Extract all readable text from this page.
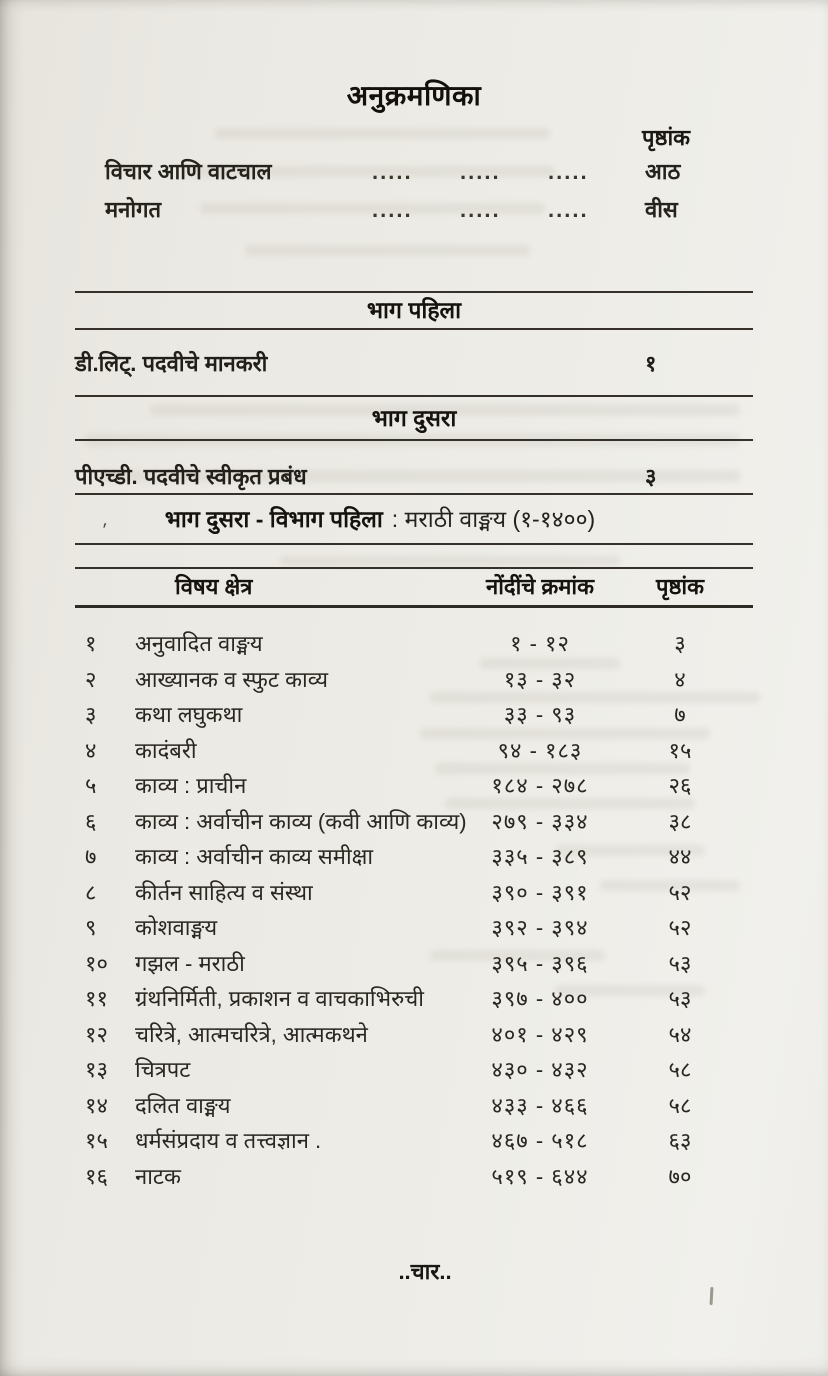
अनुक्रमणिका
पृष्ठांक
विचार आणि वाटचाल	..... ..... .....	आठ
मनोगत	..... ..... .....	वीस
भाग पहिला
डी.लिट्. पदवीचे मानकरी	१
भाग दुसरा
पीएच्डी. पदवीचे स्वीकृत प्रबंध	३
' भाग दुसरा - विभाग पहिला : मराठी वाङ्मय (१-१४००)
विषय क्षेत्र	नोंदींचे क्रमांक	पृष्ठांक
१ अनुवादित वाङ्मय	१ - १२	३
२ आख्यानक व स्फुट काव्य	१३ - ३२	४
३ कथा लघुकथा	३३ - ९३	७
४ कादंबरी	९४ - १८३	१५
५ काव्य : प्राचीन	१८४ - २७८	२६
६ काव्य : अर्वाचीन काव्य (कवी आणि काव्य)	२७९ - ३३४	३८
७ काव्य : अर्वाचीन काव्य समीक्षा	३३५ - ३८९	४४
८ कीर्तन साहित्य व संस्था	३९० - ३९१	५२
९ कोशवाङ्मय	३९२ - ३९४	५२
१० गझल - मराठी	३९५ - ३९६	५३
११ ग्रंथनिर्मिती, प्रकाशन व वाचकाभिरुची	३९७ - ४००	५३
१२ चरित्रे, आत्मचरित्रे, आत्मकथने	४०१ - ४२९	५४
१३ चित्रपट	४३० - ४३२	५८
१४ दलित वाङ्मय	४३३ - ४६६	५८
१५ धर्मसंप्रदाय व तत्त्वज्ञान .	४६७ - ५१८	६३
१६ नाटक	५१९ - ६४४	७०
..चार..
